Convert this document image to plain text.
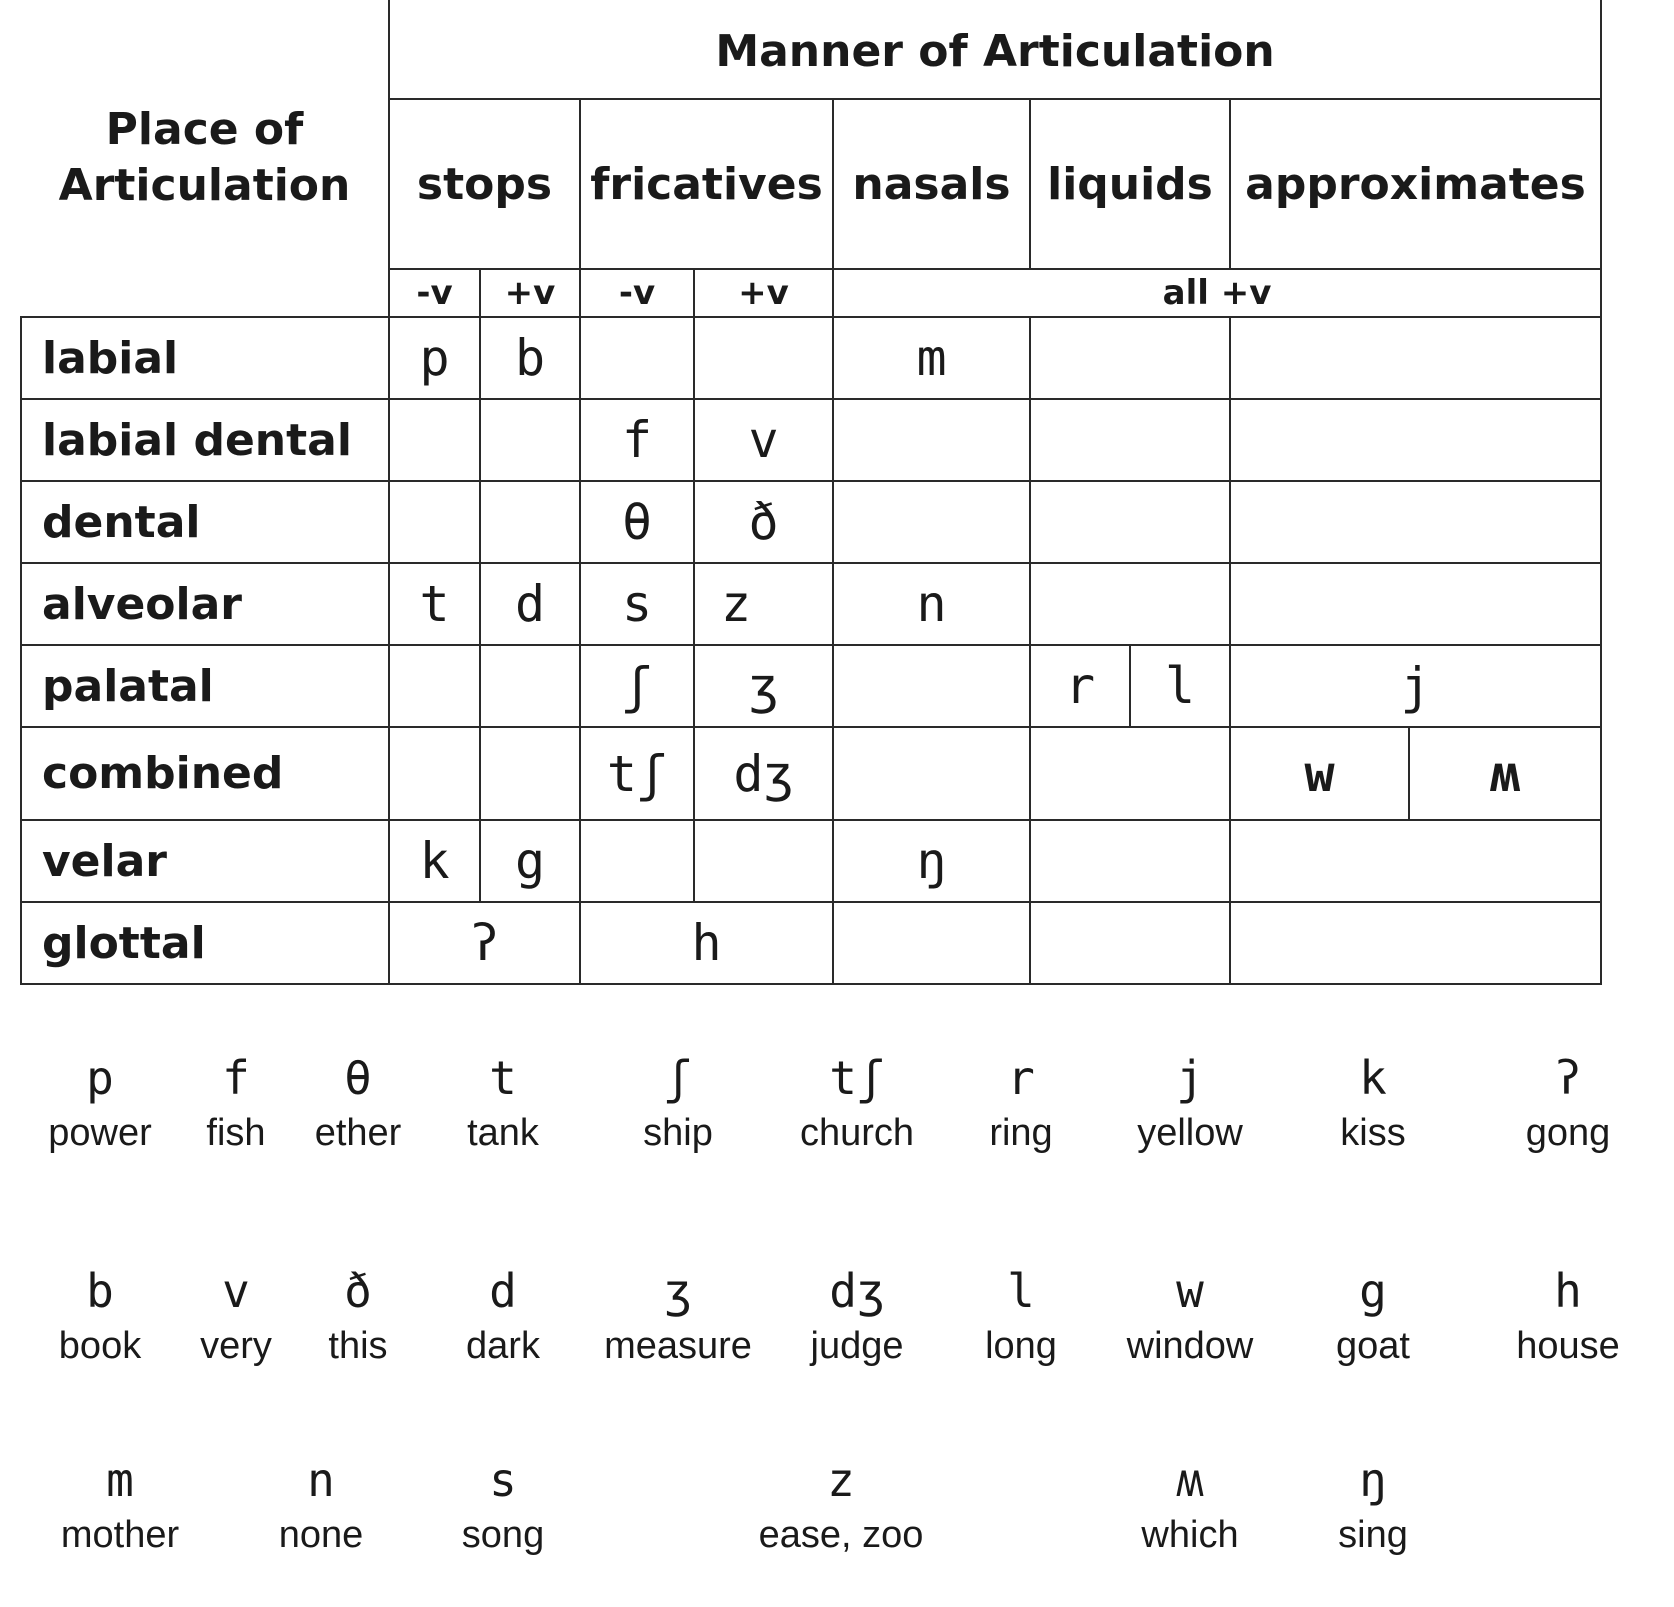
Place of Articulation	Manner of Articulation								
	stops		fricatives		nasals	liquids		approximates	
	-v	+v	-v	+v	all +v				
labial	p	b			m				
labial dental			f	v					
dental			θ	ð					
alveolar	t	d	s	z	n				
palatal			ʃ	ʒ		r	l	j	
combined			tʃ	dʒ				w	ʍ
velar	k	g			ŋ				
glottal	ʔ		h						
p
power
f
fish
θ
ether
t
tank
ʃ
ship
tʃ
church
r
ring
j
yellow
k
kiss
ʔ
gong
b
book
v
very
ð
this
d
dark
ʒ
measure
dʒ
judge
l
long
w
window
g
goat
h
house
m
mother
n
none
s
song
z
ease, zoo
ʍ
which
ŋ
sing
